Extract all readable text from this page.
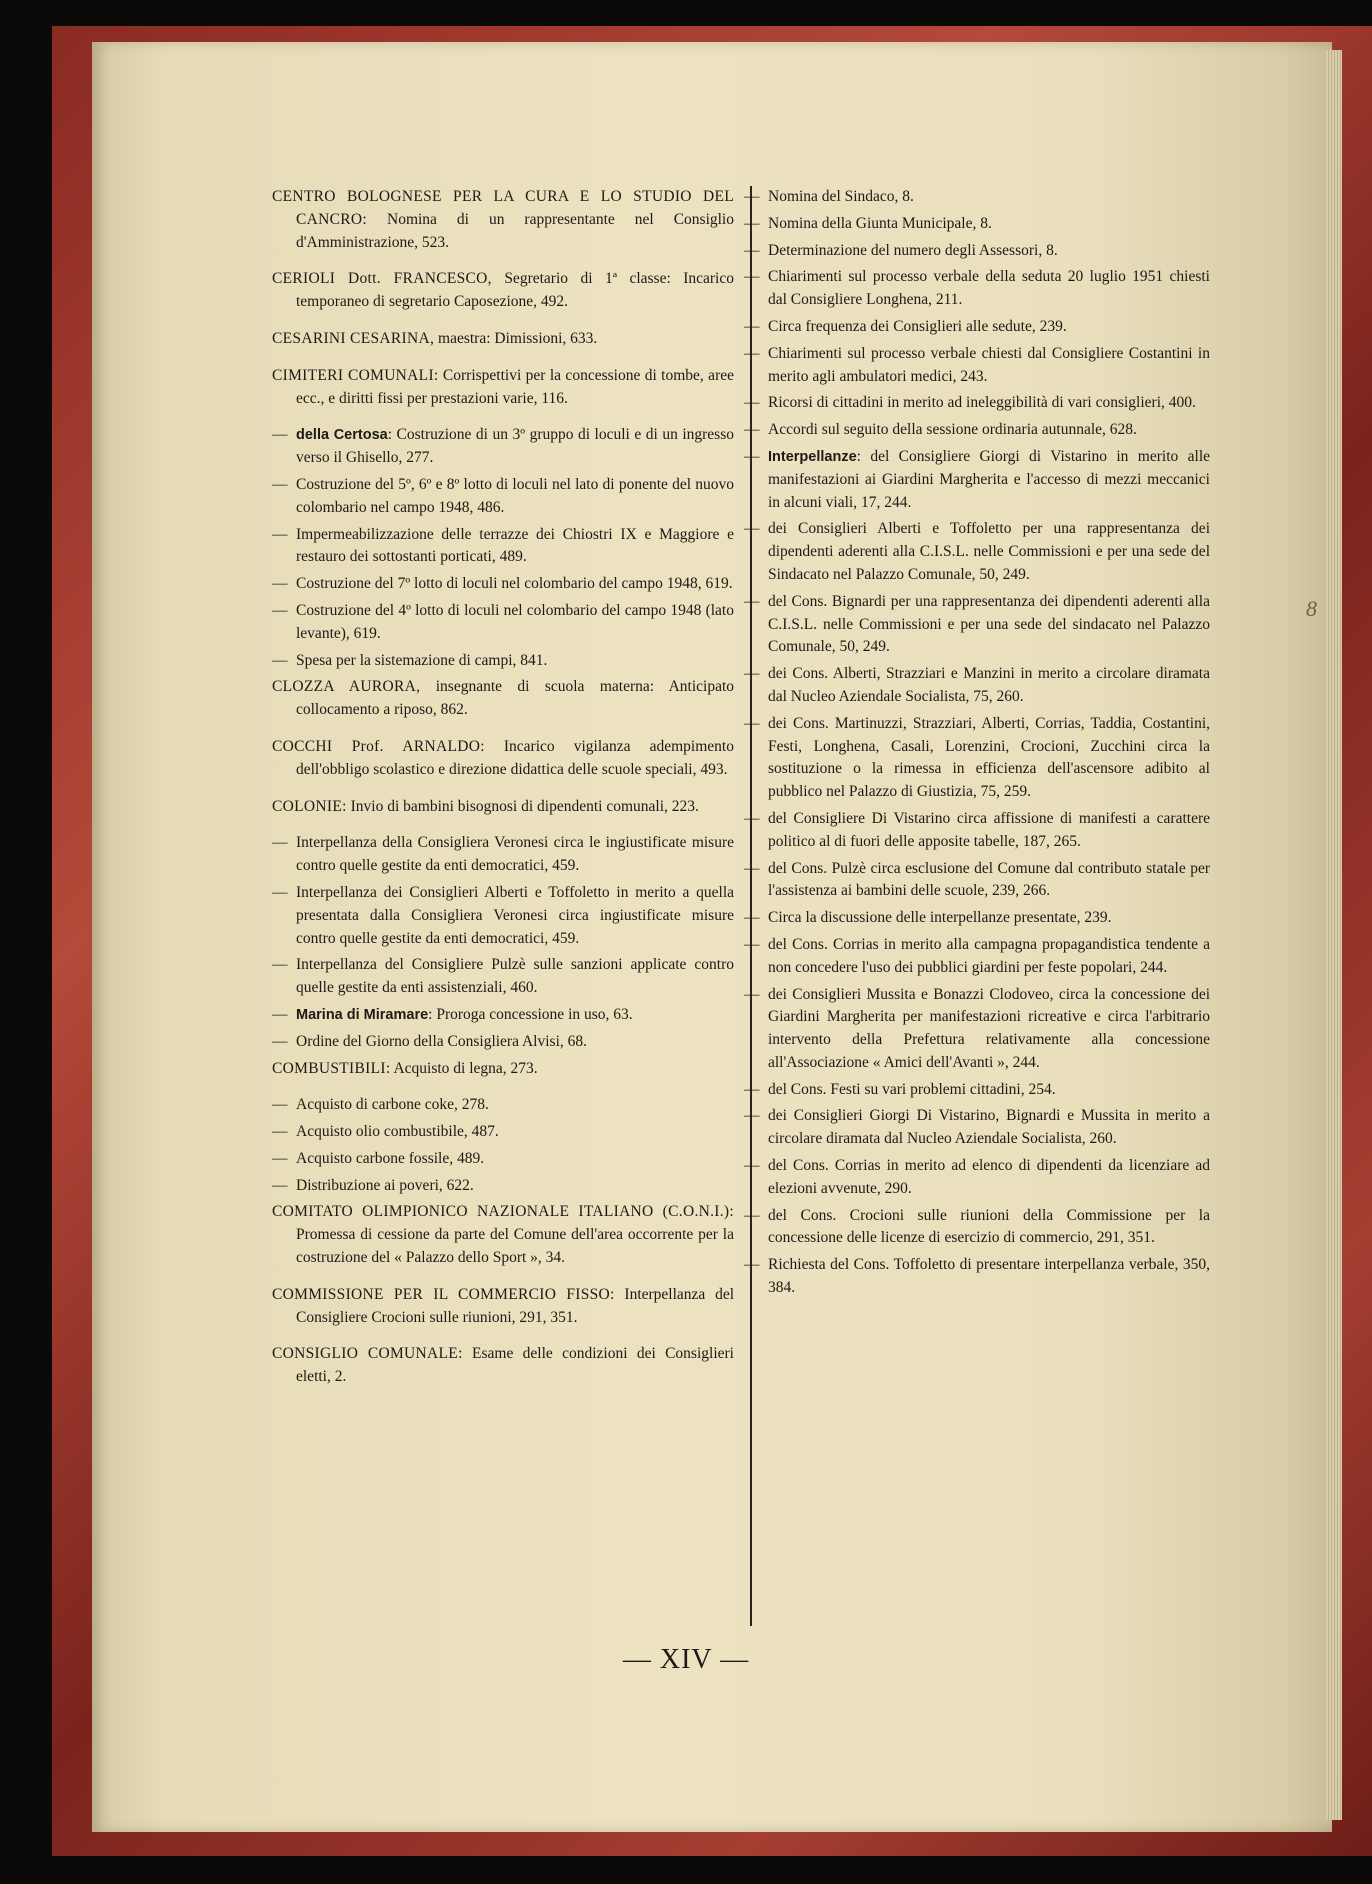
CENTRO BOLOGNESE PER LA CURA E LO STUDIO DEL CANCRO: Nomina di un rappresentante nel Consiglio d'Amministrazione, 523.
CERIOLI Dott. FRANCESCO, Segretario di 1ª classe: Incarico temporaneo di segretario Caposezione, 492.
CESARINI CESARINA, maestra: Dimissioni, 633.
CIMITERI COMUNALI: Corrispettivi per la concessione di tombe, aree ecc., e diritti fissi per prestazioni varie, 116.
— della Certosa: Costruzione di un 3º gruppo di loculi e di un ingresso verso il Ghisello, 277.
— Costruzione del 5º, 6º e 8º lotto di loculi nel lato di ponente del nuovo colombario nel campo 1948, 486.
— Impermeabilizzazione delle terrazze dei Chiostri IX e Maggiore e restauro dei sottostanti porticati, 489.
— Costruzione del 7º lotto di loculi nel colombario del campo 1948, 619.
— Costruzione del 4º lotto di loculi nel colombario del campo 1948 (lato levante), 619.
— Spesa per la sistemazione di campi, 841.
CLOZZA AURORA, insegnante di scuola materna: Anticipato collocamento a riposo, 862.
COCCHI Prof. ARNALDO: Incarico vigilanza adempimento dell'obbligo scolastico e direzione didattica delle scuole speciali, 493.
COLONIE: Invio di bambini bisognosi di dipendenti comunali, 223.
— Interpellanza della Consigliera Veronesi circa le ingiustificate misure contro quelle gestite da enti democratici, 459.
— Interpellanza dei Consiglieri Alberti e Toffoletto in merito a quella presentata dalla Consigliera Veronesi circa ingiustificate misure contro quelle gestite da enti democratici, 459.
— Interpellanza del Consigliere Pulzè sulle sanzioni applicate contro quelle gestite da enti assistenziali, 460.
— Marina di Miramare: Proroga concessione in uso, 63.
— Ordine del Giorno della Consigliera Alvisi, 68.
COMBUSTIBILI: Acquisto di legna, 273.
— Acquisto di carbone coke, 278.
— Acquisto olio combustibile, 487.
— Acquisto carbone fossile, 489.
— Distribuzione ai poveri, 622.
COMITATO OLIMPIONICO NAZIONALE ITALIANO (C.O.N.I.): Promessa di cessione da parte del Comune dell'area occorrente per la costruzione del « Palazzo dello Sport », 34.
COMMISSIONE PER IL COMMERCIO FISSO: Interpellanza del Consigliere Crocioni sulle riunioni, 291, 351.
CONSIGLIO COMUNALE: Esame delle condizioni dei Consiglieri eletti, 2.
— Nomina del Sindaco, 8.
— Nomina della Giunta Municipale, 8.
— Determinazione del numero degli Assessori, 8.
— Chiarimenti sul processo verbale della seduta 20 luglio 1951 chiesti dal Consigliere Longhena, 211.
— Circa frequenza dei Consiglieri alle sedute, 239.
— Chiarimenti sul processo verbale chiesti dal Consigliere Costantini in merito agli ambulatori medici, 243.
— Ricorsi di cittadini in merito ad ineleggibilità di vari consiglieri, 400.
— Accordi sul seguito della sessione ordinaria autunnale, 628.
— Interpellanze: del Consigliere Giorgi di Vistarino in merito alle manifestazioni ai Giardini Margherita e l'accesso di mezzi meccanici in alcuni viali, 17, 244.
— dei Consiglieri Alberti e Toffoletto per una rappresentanza dei dipendenti aderenti alla C.I.S.L. nelle Commissioni e per una sede del Sindacato nel Palazzo Comunale, 50, 249.
— del Cons. Bignardi per una rappresentanza dei dipendenti aderenti alla C.I.S.L. nelle Commissioni e per una sede del sindacato nel Palazzo Comunale, 50, 249.
— dei Cons. Alberti, Strazziari e Manzini in merito a circolare diramata dal Nucleo Aziendale Socialista, 75, 260.
— dei Cons. Martinuzzi, Strazziari, Alberti, Corrias, Taddia, Costantini, Festi, Longhena, Casali, Lorenzini, Crocioni, Zucchini circa la sostituzione o la rimessa in efficienza dell'ascensore adibito al pubblico nel Palazzo di Giustizia, 75, 259.
— del Consigliere Di Vistarino circa affissione di manifesti a carattere politico al di fuori delle apposite tabelle, 187, 265.
— del Cons. Pulzè circa esclusione del Comune dal contributo statale per l'assistenza ai bambini delle scuole, 239, 266.
— Circa la discussione delle interpellanze presentate, 239.
— del Cons. Corrias in merito alla campagna propagandistica tendente a non concedere l'uso dei pubblici giardini per feste popolari, 244.
— dei Consiglieri Mussita e Bonazzi Clodoveo, circa la concessione dei Giardini Margherita per manifestazioni ricreative e circa l'arbitrario intervento della Prefettura relativamente alla concessione all'Associazione « Amici dell'Avanti », 244.
— del Cons. Festi su vari problemi cittadini, 254.
— dei Consiglieri Giorgi Di Vistarino, Bignardi e Mussita in merito a circolare diramata dal Nucleo Aziendale Socialista, 260.
— del Cons. Corrias in merito ad elenco di dipendenti da licenziare ad elezioni avvenute, 290.
— del Cons. Crocioni sulle riunioni della Commissione per la concessione delle licenze di esercizio di commercio, 291, 351.
— Richiesta del Cons. Toffoletto di presentare interpellanza verbale, 350, 384.
8
— XIV —
